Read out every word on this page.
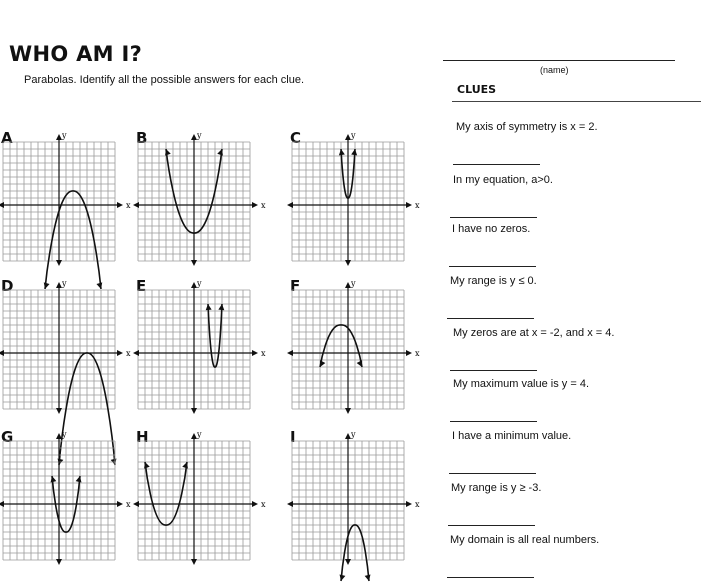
WHO AM I?
Parabolas. Identify all the possible answers for each clue.
(name)
CLUES
A
x
y	B
x
y	C
x
y
D
x
y	E
x
y	F
x
y
G
x
y	H
x
y	I
x
y
My axis of symmetry is x = 2.
In my equation, a>0.
I have no zeros.
My range is y ≤ 0.
My zeros are at x = -2, and x = 4.
My maximum value is y = 4.
I have a minimum value.
My range is y ≥ -3.
My domain is all real numbers.
